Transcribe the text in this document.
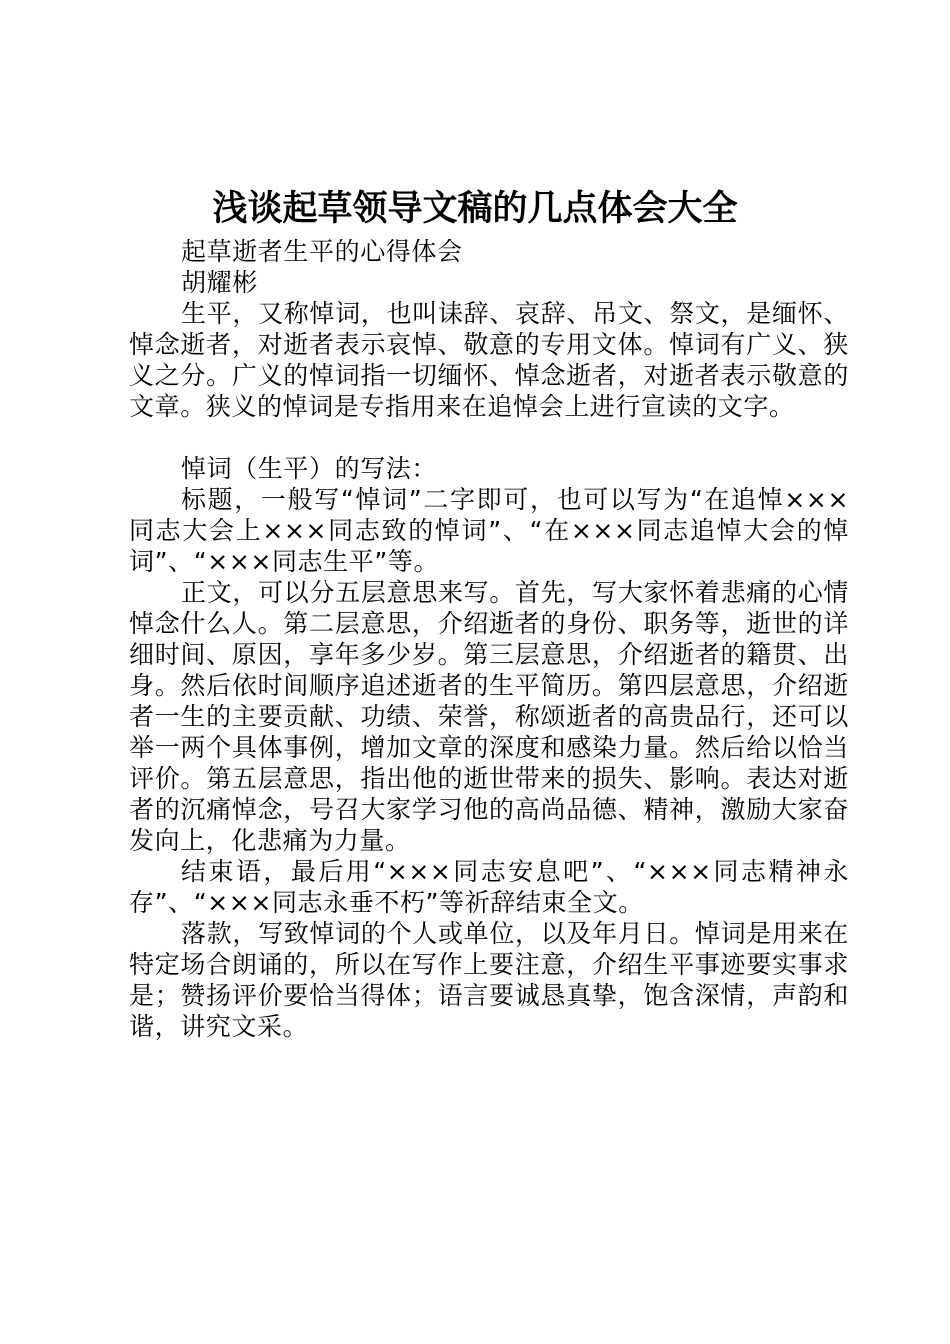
浅谈起草领导文稿的几点体会大全

起草逝者生平的心得体会

胡耀彬

生平，又称悼词，也叫诔辞、哀辞、吊文、祭文，是缅怀、悼念逝者，对逝者表示哀悼、敬意的专用文体。悼词有广义、狭义之分。广义的悼词指一切缅怀、悼念逝者，对逝者表示敬意的文章。狭义的悼词是专指用来在追悼会上进行宣读的文字。

悼词（生平）的写法：

标题，一般写“悼词”二字即可，也可以写为“在追悼×××同志大会上×××同志致的悼词”、“在×××同志追悼大会的悼词”、“×××同志生平”等。

正文，可以分五层意思来写。首先，写大家怀着悲痛的心情悼念什么人。第二层意思，介绍逝者的身份、职务等，逝世的详细时间、原因，享年多少岁。第三层意思，介绍逝者的籍贯、出身。然后依时间顺序追述逝者的生平简历。第四层意思，介绍逝者一生的主要贡献、功绩、荣誉，称颂逝者的高贵品行，还可以举一两个具体事例，增加文章的深度和感染力量。然后给以恰当评价。第五层意思，指出他的逝世带来的损失、影响。表达对逝者的沉痛悼念，号召大家学习他的高尚品德、精神，激励大家奋发向上，化悲痛为力量。

结束语，最后用“×××同志安息吧”、“×××同志精神永存”、“×××同志永垂不朽”等祈辞结束全文。

落款，写致悼词的个人或单位，以及年月日。悼词是用来在特定场合朗诵的，所以在写作上要注意，介绍生平事迹要实事求是；赞扬评价要恰当得体；语言要诚恳真挚，饱含深情，声韵和谐，讲究文采。
